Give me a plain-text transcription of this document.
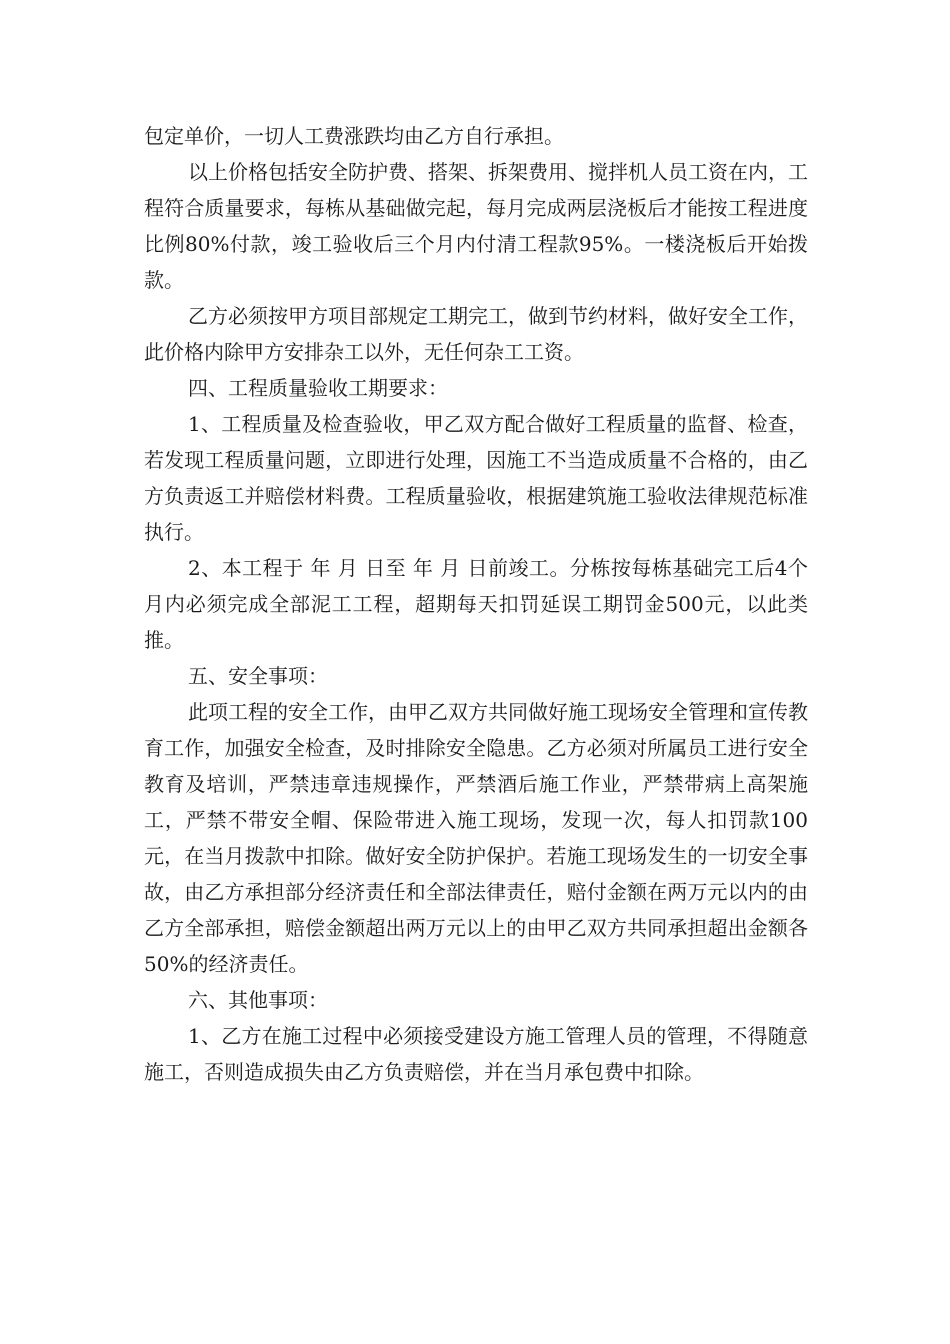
包定单价，一切人工费涨跌均由乙方自行承担。

以上价格包括安全防护费、搭架、拆架费用、搅拌机人员工资在内，工程符合质量要求，每栋从基础做完起，每月完成两层浇板后才能按工程进度比例80%付款，竣工验收后三个月内付清工程款95%。一楼浇板后开始拨款。

乙方必须按甲方项目部规定工期完工，做到节约材料，做好安全工作，此价格内除甲方安排杂工以外，无任何杂工工资。

四、工程质量验收工期要求：

1、工程质量及检查验收，甲乙双方配合做好工程质量的监督、检查，若发现工程质量问题，立即进行处理，因施工不当造成质量不合格的，由乙方负责返工并赔偿材料费。工程质量验收，根据建筑施工验收法律规范标准执行。

2、本工程于 年 月 日至 年 月 日前竣工。分栋按每栋基础完工后4个月内必须完成全部泥工工程，超期每天扣罚延误工期罚金500元，以此类推。

五、安全事项：

此项工程的安全工作，由甲乙双方共同做好施工现场安全管理和宣传教育工作，加强安全检查，及时排除安全隐患。乙方必须对所属员工进行安全教育及培训，严禁违章违规操作，严禁酒后施工作业，严禁带病上高架施工，严禁不带安全帽、保险带进入施工现场，发现一次，每人扣罚款100元，在当月拨款中扣除。做好安全防护保护。若施工现场发生的一切安全事故，由乙方承担部分经济责任和全部法律责任，赔付金额在两万元以内的由乙方全部承担，赔偿金额超出两万元以上的由甲乙双方共同承担超出金额各50%的经济责任。

六、其他事项：

1、乙方在施工过程中必须接受建设方施工管理人员的管理，不得随意施工，否则造成损失由乙方负责赔偿，并在当月承包费中扣除。
